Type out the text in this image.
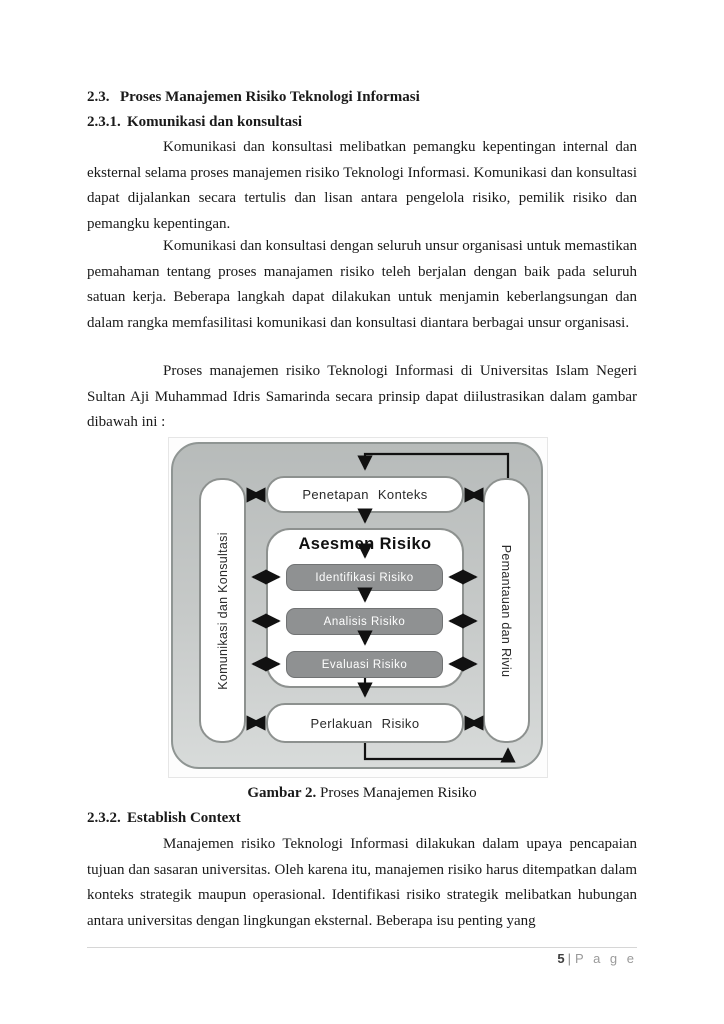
2.3. Proses Manajemen Risiko Teknologi Informasi
2.3.1. Komunikasi dan konsultasi

Komunikasi dan konsultasi melibatkan pemangku kepentingan internal dan eksternal selama proses manajemen risiko Teknologi Informasi. Komunikasi dan konsultasi dapat dijalankan secara tertulis dan lisan antara pengelola risiko, pemilik risiko dan pemangku kepentingan.

Komunikasi dan konsultasi dengan seluruh unsur organisasi untuk memastikan pemahaman tentang proses manajamen risiko teleh berjalan dengan baik pada seluruh satuan kerja. Beberapa langkah dapat dilakukan untuk menjamin keberlangsungan dan dalam rangka memfasilitasi komunikasi dan konsultasi diantara berbagai unsur organisasi.

Proses manajemen risiko Teknologi Informasi di Universitas Islam Negeri Sultan Aji Muhammad Idris Samarinda secara prinsip dapat diilustrasikan dalam gambar dibawah ini :

Komunikasi dan Konsultasi	Pemantauan dan Riviu
Penetapan Konteks
Asesmen Risiko
Identifikasi Risiko
Analisis Risiko
Evaluasi Risiko
Perlakuan Risiko
Gambar 2. Proses Manajemen Risiko
2.3.2. Establish Context

Manajemen risiko Teknologi Informasi dilakukan dalam upaya pencapaian tujuan dan sasaran universitas. Oleh karena itu, manajemen risiko harus ditempatkan dalam konteks strategik maupun operasional. Identifikasi risiko strategik melibatkan hubungan antara universitas dengan lingkungan eksternal. Beberapa isu penting yang

5 | P a g e
